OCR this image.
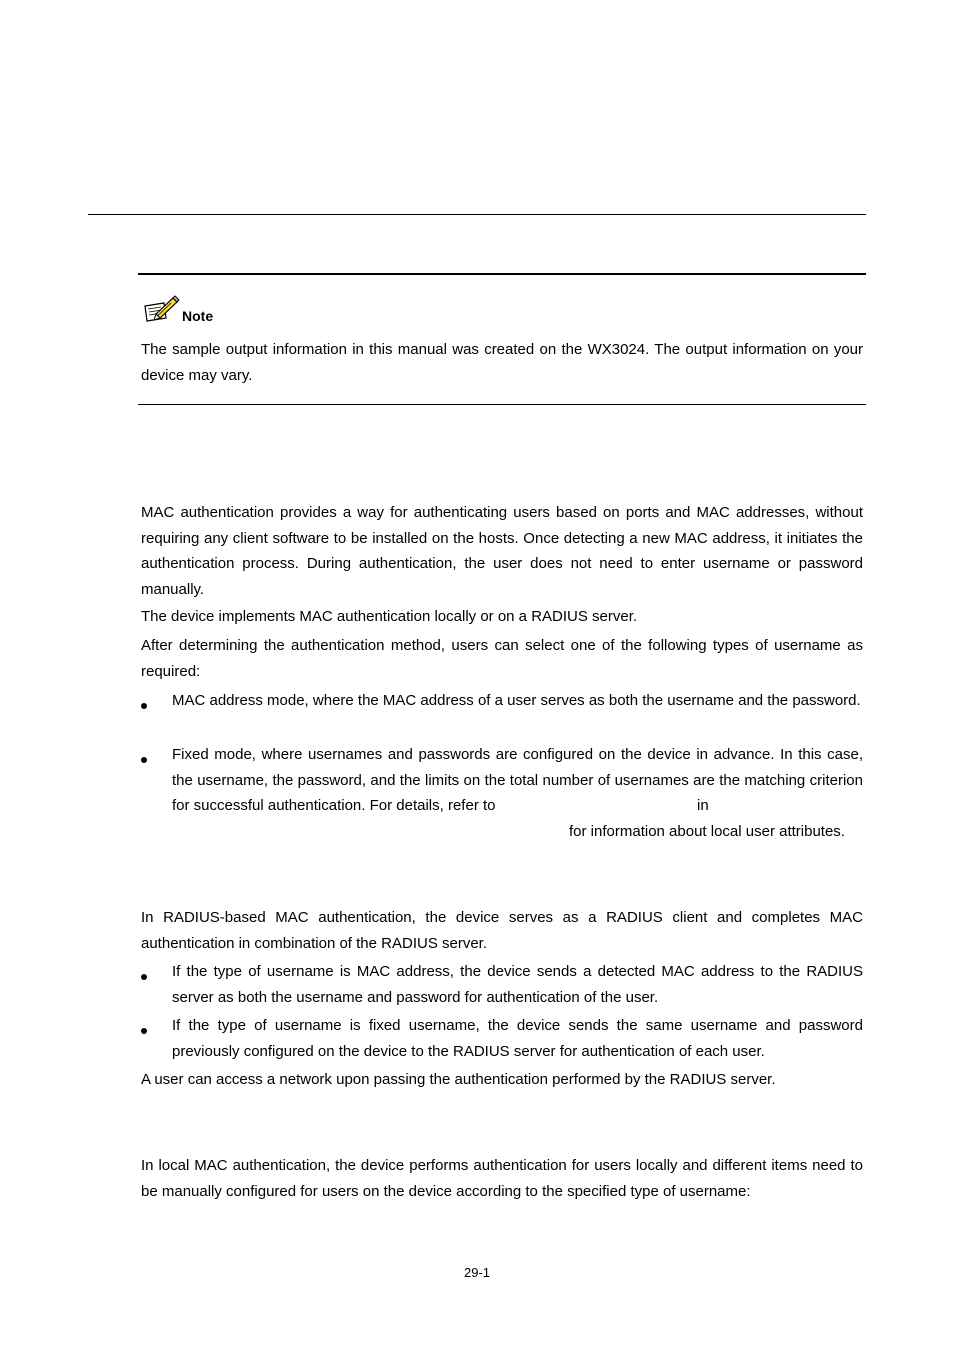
Note

The sample output information in this manual was created on the WX3024. The output information on your device may vary.

MAC authentication provides a way for authenticating users based on ports and MAC addresses, without requiring any client software to be installed on the hosts. Once detecting a new MAC address, it initiates the authentication process. During authentication, the user does not need to enter username or password manually.

The device implements MAC authentication locally or on a RADIUS server.

After determining the authentication method, users can select one of the following types of username as required:

MAC address mode, where the MAC address of a user serves as both the username and the password.

Fixed mode, where usernames and passwords are configured on the device in advance. In this case, the username, the password, and the limits on the total number of usernames are the matching criterion for successful authentication. For details, refer to	in
for information about local user attributes.

In RADIUS-based MAC authentication, the device serves as a RADIUS client and completes MAC authentication in combination of the RADIUS server.

If the type of username is MAC address, the device sends a detected MAC address to the RADIUS server as both the username and password for authentication of the user.

If the type of username is fixed username, the device sends the same username and password previously configured on the device to the RADIUS server for authentication of each user.

A user can access a network upon passing the authentication performed by the RADIUS server.

In local MAC authentication, the device performs authentication for users locally and different items need to be manually configured for users on the device according to the specified type of username:

29-1
